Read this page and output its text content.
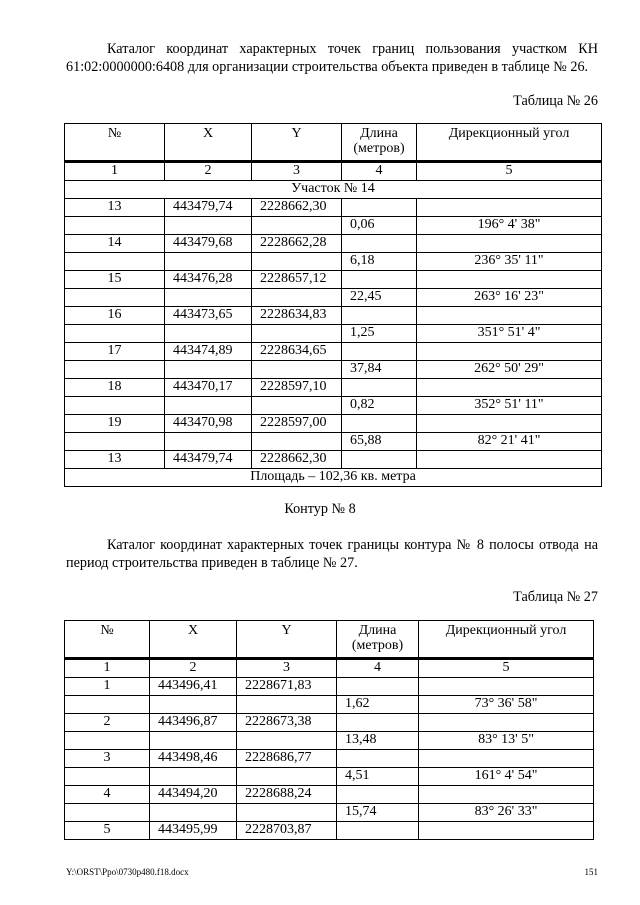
Каталог координат характерных точек границ пользования участком КН 61:02:0000000:6408 для организации строительства объекта приведен в таблице № 26.
Таблица № 26
№	X	Y	Длина (метров)	Дирекционный угол
1	2	3	4	5
Участок № 14				
13	443479,74	2228662,30		
			0,06	196° 4' 38"
14	443479,68	2228662,28		
			6,18	236° 35' 11"
15	443476,28	2228657,12		
			22,45	263° 16' 23"
16	443473,65	2228634,83		
			1,25	351° 51' 4"
17	443474,89	2228634,65		
			37,84	262° 50' 29"
18	443470,17	2228597,10		
			0,82	352° 51' 11"
19	443470,98	2228597,00		
			65,88	82° 21' 41"
13	443479,74	2228662,30		
Площадь – 102,36 кв. метра				
Контур № 8
Каталог координат характерных точек границы контура № 8 полосы отвода на период строительства приведен в таблице № 27.
Таблица № 27
№	X	Y	Длина (метров)	Дирекционный угол
1	2	3	4	5
1	443496,41	2228671,83		
			1,62	73° 36' 58"
2	443496,87	2228673,38		
			13,48	83° 13' 5"
3	443498,46	2228686,77		
			4,51	161° 4' 54"
4	443494,20	2228688,24		
			15,74	83° 26' 33"
5	443495,99	2228703,87		
Y:\ORST\Ppo\0730p480.f18.docx	151
